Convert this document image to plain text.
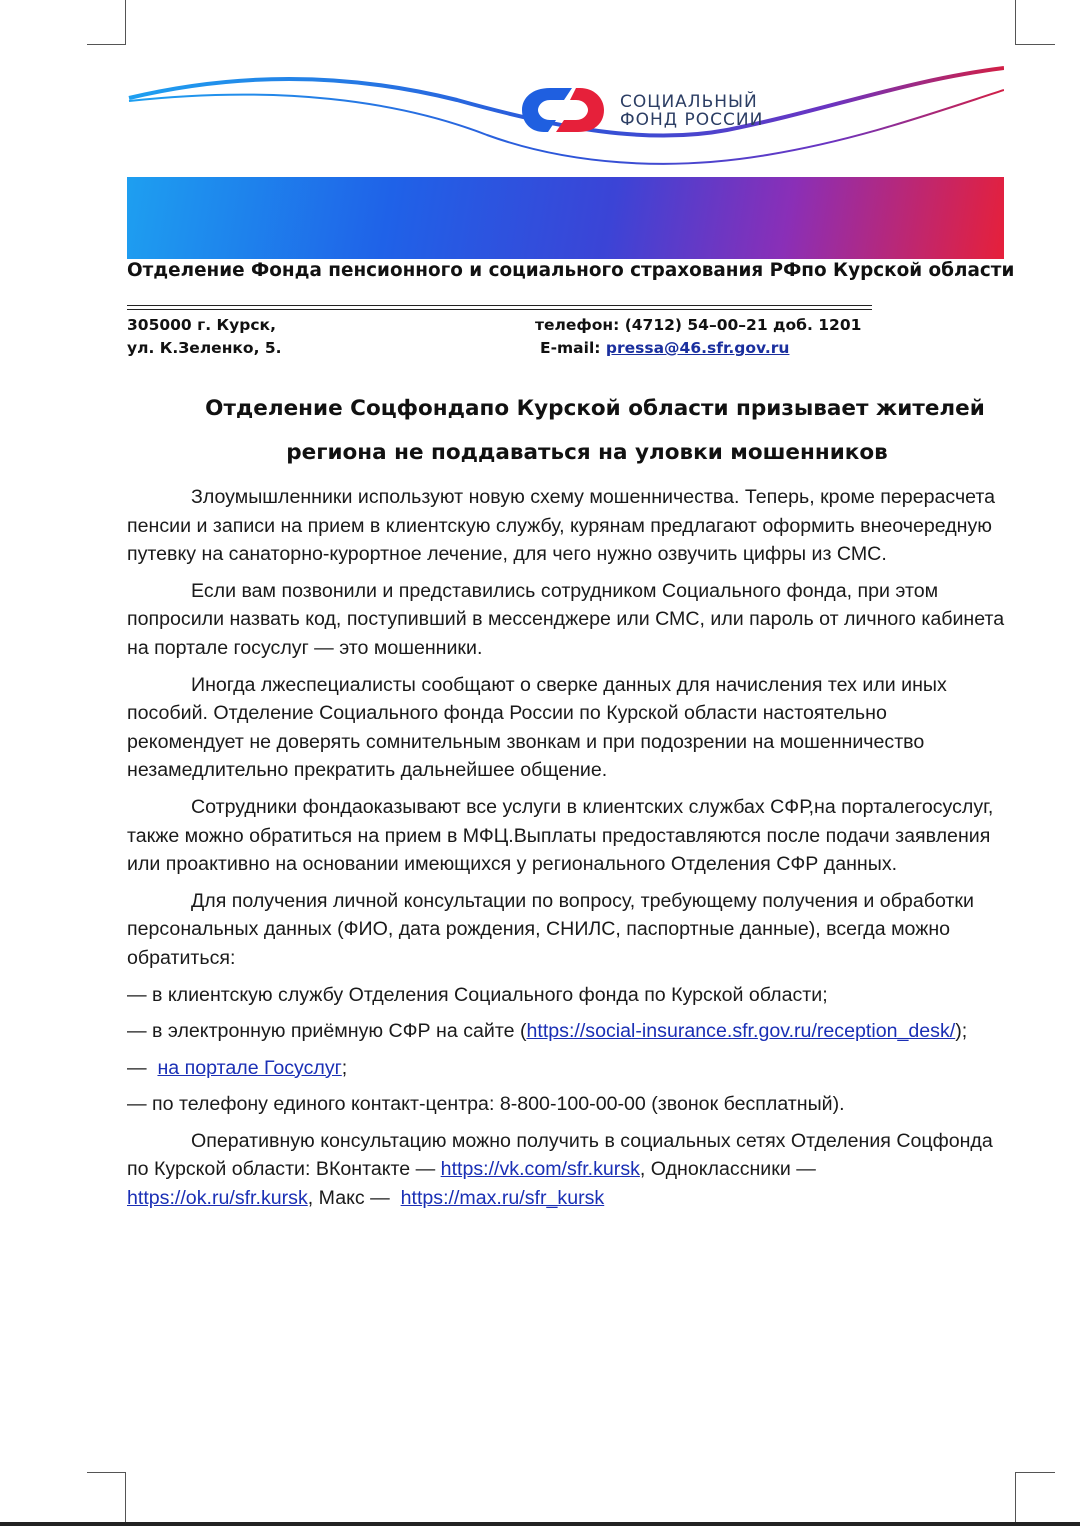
СОЦИАЛЬНЫЙ
ФОНД РОССИИ
Отделение Фонда пенсионного и социального страхования РФпо Курской области
305000 г. Курск,
ул. К.Зеленко, 5.
телефон: (4712) 54–00–21 доб. 1201
E-mail: pressa@46.sfr.gov.ru
Отделение Соцфондапо Курской области призывает жителей
региона не поддаваться на уловки мошенников

Злоумышленники используют новую схему мошенничества. Теперь, кроме перерасчета пенсии и записи на прием в клиентскую службу, курянам предлагают оформить внеочередную путевку на санаторно-курортное лечение, для чего нужно озвучить цифры из СМС.

Если вам позвонили и представились сотрудником Социального фонда, при этом попросили назвать код, поступивший в мессенджере или СМС, или пароль от личного кабинета на портале госуслуг — это мошенники.

Иногда лжеспециалисты сообщают о сверке данных для начисления тех или иных пособий. Отделение Социального фонда России по Курской области настоятельно рекомендует не доверять сомнительным звонкам и при подозрении на мошенничество незамедлительно прекратить дальнейшее общение.

Сотрудники фондаоказывают все услуги в клиентских службах СФР,на порталегосуслуг, также можно обратиться на прием в МФЦ.Выплаты предоставляются после подачи заявления или проактивно на основании имеющихся у регионального Отделения СФР данных.

Для получения личной консультации по вопросу, требующему получения и обработки персональных данных (ФИО, дата рождения, СНИЛС, паспортные данные), всегда можно обратиться:

— в клиентскую службу Отделения Социального фонда по Курской области;

— в электронную приёмную СФР на сайте (https://social-insurance.sfr.gov.ru/reception_desk/);

—  на портале Госуслуг;

— по телефону единого контакт-центра: 8-800-100-00-00 (звонок бесплатный).

Оперативную консультацию можно получить в социальных сетях Отделения Соцфонда по Курской области: ВКонтакте — https://vk.com/sfr.kursk, Одноклассники — https://ok.ru/sfr.kursk, Макс —  https://max.ru/sfr_kursk
